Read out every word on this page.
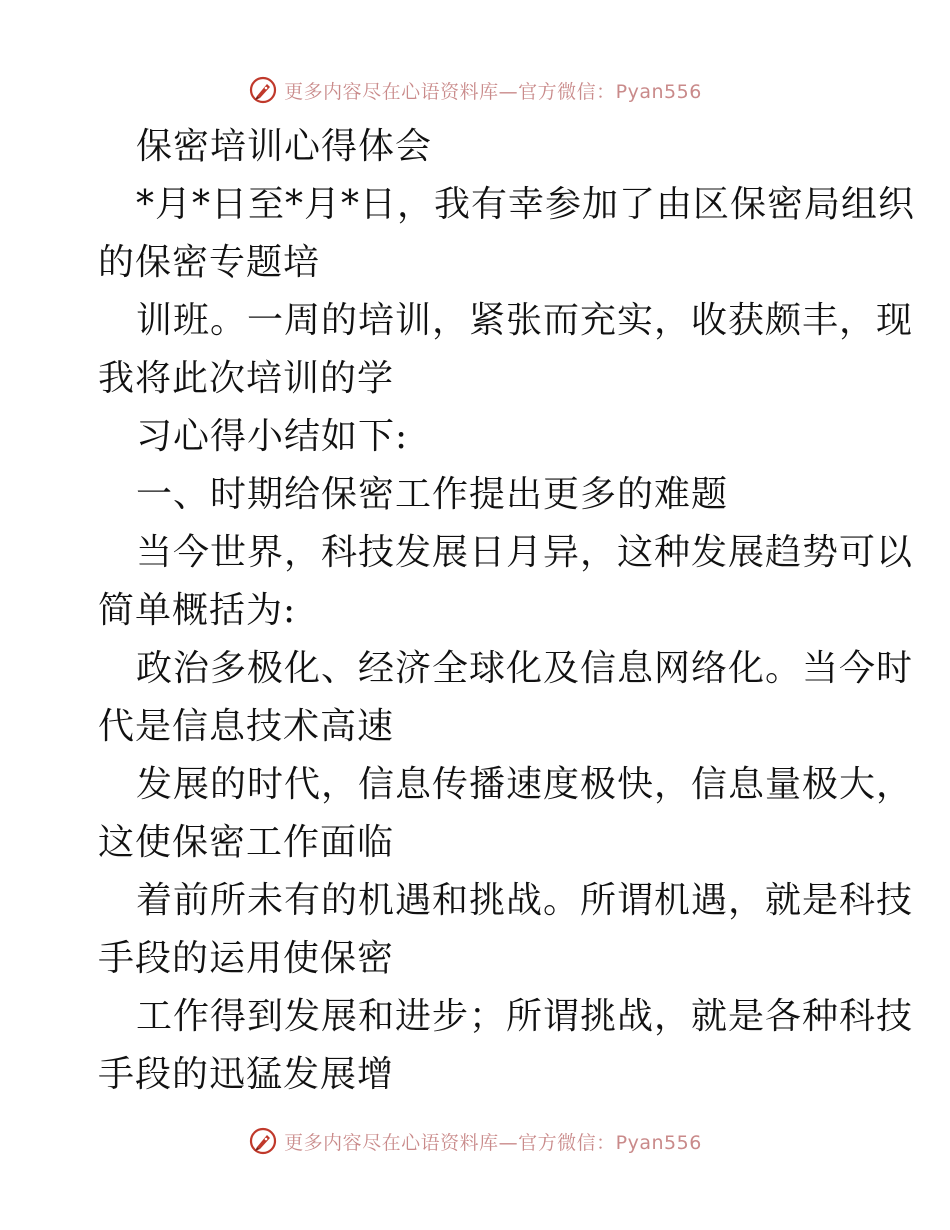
更多内容尽在心语资料库—官方微信：Pyan556
保密培训心得体会
*月*日至*月*日，我有幸参加了由区保密局组织
的保密专题培
训班。一周的培训，紧张而充实，收获颇丰，现
我将此次培训的学
习心得小结如下:
一、时期给保密工作提出更多的难题
当今世界，科技发展日月异，这种发展趋势可以
简单概括为:
政治多极化、经济全球化及信息网络化。当今时
代是信息技术高速
发展的时代，信息传播速度极快，信息量极大，
这使保密工作面临
着前所未有的机遇和挑战。所谓机遇，就是科技
手段的运用使保密
工作得到发展和进步；所谓挑战，就是各种科技
手段的迅猛发展增
更多内容尽在心语资料库—官方微信：Pyan556
